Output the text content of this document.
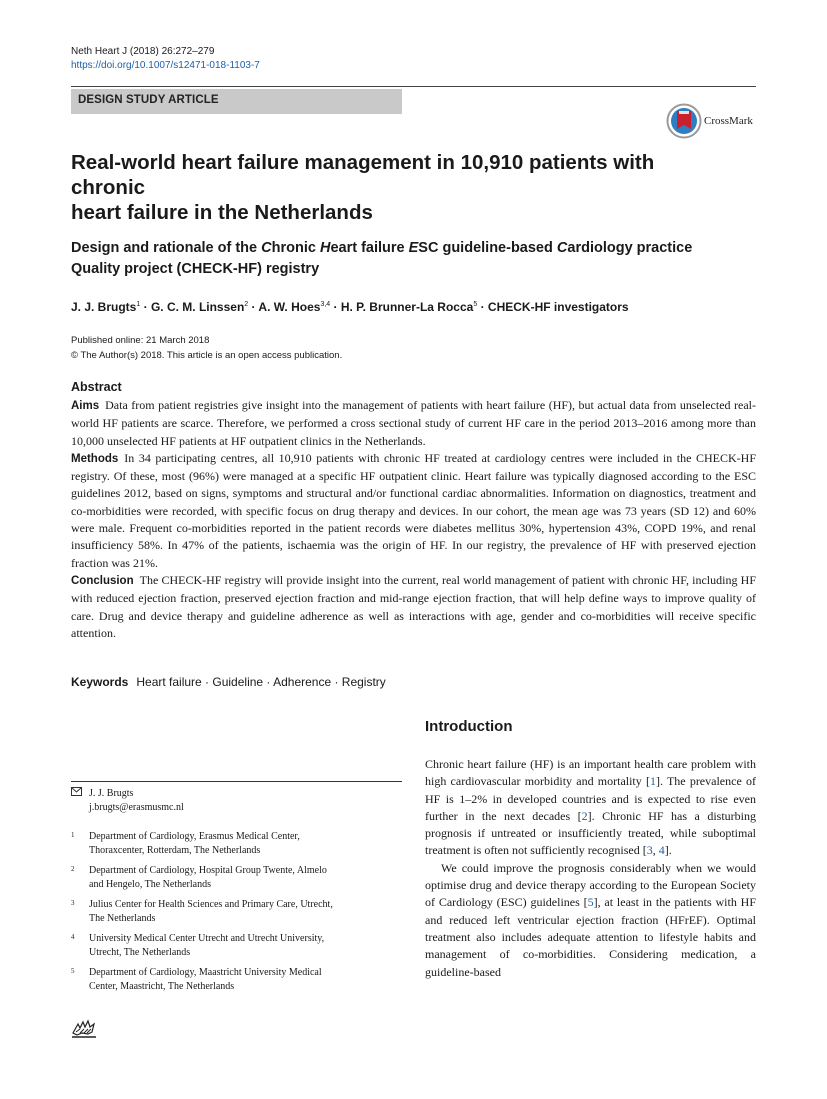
Neth Heart J (2018) 26:272–279
https://doi.org/10.1007/s12471-018-1103-7
DESIGN STUDY ARTICLE
CrossMark
Real-world heart failure management in 10,910 patients with chronic
heart failure in the Netherlands
Design and rationale of the Chronic Heart failure ESC guideline-based Cardiology practice
Quality project (CHECK-HF) registry
J. J. Brugts$^1$ · G. C. M. Linssen$^2$ · A. W. Hoes$^{3,4}$ · H. P. Brunner-La Rocca$^5$ · CHECK-HF investigators
Published online: 21 March 2018
© The Author(s) 2018. This article is an open access publication.
Abstract

Aims Data from patient registries give insight into the management of patients with heart failure (HF), but actual data from unselected real-world HF patients are scarce. Therefore, we performed a cross sectional study of current HF care in the period 2013–2016 among more than 10,000 unselected HF patients at HF outpatient clinics in the Netherlands.

Methods In 34 participating centres, all 10,910 patients with chronic HF treated at cardiology centres were included in the CHECK-HF registry. Of these, most (96%) were managed at a specific HF outpatient clinic. Heart failure was typically diagnosed according to the ESC guidelines 2012, based on signs, symptoms and structural and/or functional cardiac abnormalities. Information on diagnostics, treatment and co-morbidities were recorded, with specific focus on drug therapy and devices. In our cohort, the mean age was 73 years (SD 12) and 60% were male. Frequent co-morbidities reported in the patient records were diabetes mellitus 30%, hypertension 43%, COPD 19%, and renal insufficiency 58%. In 47% of the patients, ischaemia was the origin of HF. In our registry, the prevalence of HF with preserved ejection fraction was 21%.

Conclusion The CHECK-HF registry will provide insight into the current, real world management of patient with chronic HF, including HF with reduced ejection fraction, preserved ejection fraction and mid-range ejection fraction, that will help define ways to improve quality of care. Drug and device therapy and guideline adherence as well as interactions with age, gender and co-morbidities will receive specific attention.

Keywords Heart failure · Guideline · Adherence · Registry
Introduction

Chronic heart failure (HF) is an important health care problem with high cardiovascular morbidity and mortality [1]. The prevalence of HF is 1–2% in developed countries and is expected to rise even further in the next decades [2]. Chronic HF has a disturbing prognosis if untreated or insufficiently treated, while suboptimal treatment is often not sufficiently recognised [3, 4].

We could improve the prognosis considerably when we would optimise drug and device therapy according to the European Society of Cardiology (ESC) guidelines [5], at least in the patients with HF and reduced left ventricular ejection fraction (HFrEF). Optimal treatment also includes adequate attention to lifestyle habits and management of co-morbidities. Considering medication, a guideline-based

J. J. Brugts
j.brugts@erasmusmc.nl
1	Department of Cardiology, Erasmus Medical Center,
Thoraxcenter, Rotterdam, The Netherlands
2	Department of Cardiology, Hospital Group Twente, Almelo
and Hengelo, The Netherlands
3	Julius Center for Health Sciences and Primary Care, Utrecht,
The Netherlands
4	University Medical Center Utrecht and Utrecht University,
Utrecht, The Netherlands
5	Department of Cardiology, Maastricht University Medical
Center, Maastricht, The Netherlands
